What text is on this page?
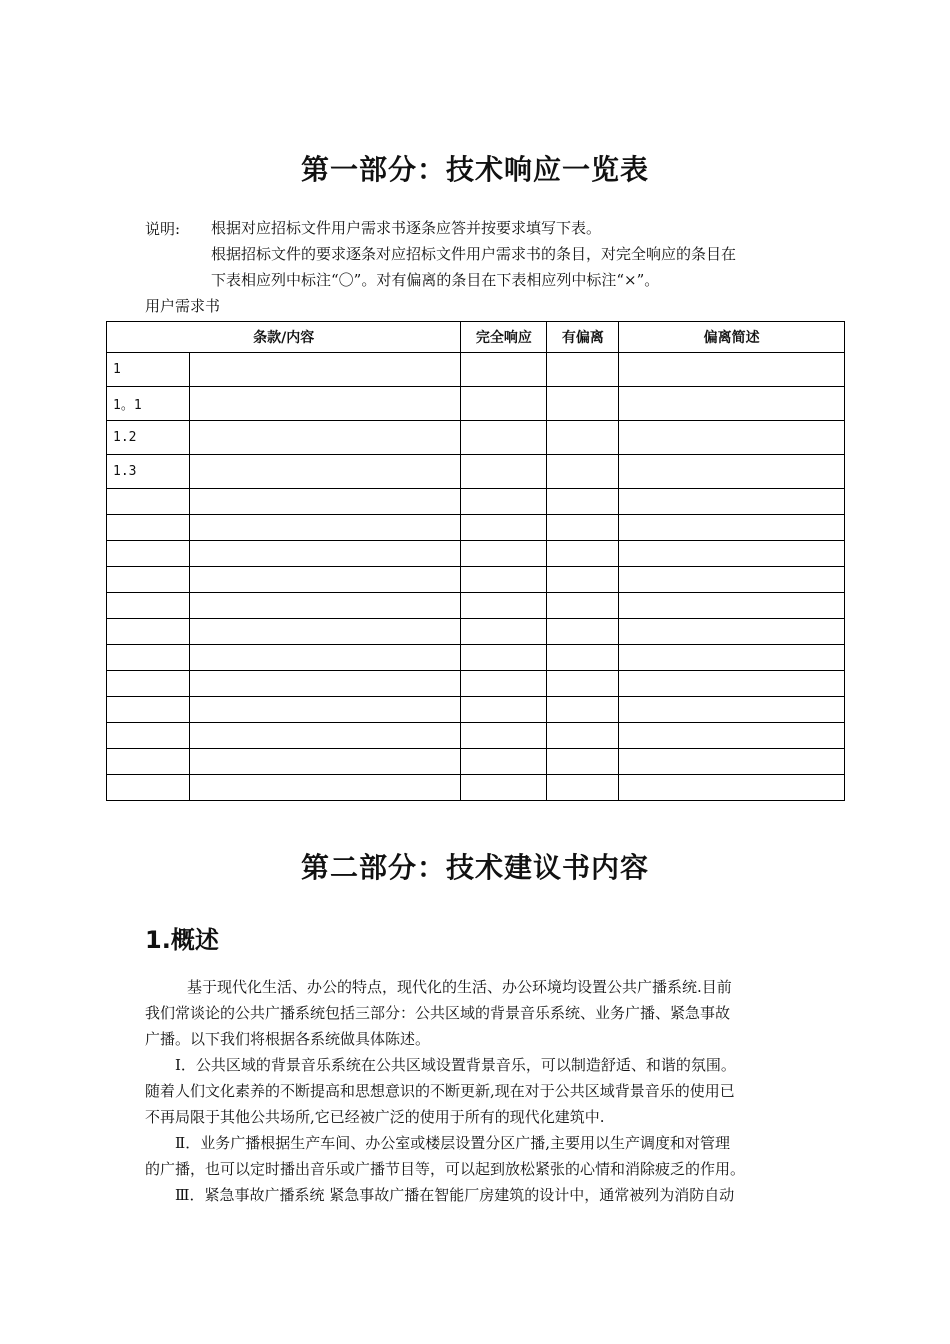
第一部分：技术响应一览表
说明: 根据对应招标文件用户需求书逐条应答并按要求填写下表。
根据招标文件的要求逐条对应招标文件用户需求书的条目，对完全响应的条目在
下表相应列中标注“〇”。对有偏离的条目在下表相应列中标注“×”。
用户需求书
条款/内容		完全响应	有偏离	偏离简述
1				
1。1				
1.2				
1.3				

第二部分：技术建议书内容
1.概述
基于现代化生活、办公的特点，现代化的生活、办公环境均设置公共广播系统.目前
我们常谈论的公共广播系统包括三部分：公共区域的背景音乐系统、业务广播、紧急事故
广播。以下我们将根据各系统做具体陈述。
Ⅰ．公共区域的背景音乐系统在公共区域设置背景音乐，可以制造舒适、和谐的氛围。
随着人们文化素养的不断提高和思想意识的不断更新,现在对于公共区域背景音乐的使用已
不再局限于其他公共场所,它已经被广泛的使用于所有的现代化建筑中.
Ⅱ．业务广播根据生产车间、办公室或楼层设置分区广播,主要用以生产调度和对管理
的广播，也可以定时播出音乐或广播节目等，可以起到放松紧张的心情和消除疲乏的作用。
Ⅲ．紧急事故广播系统 紧急事故广播在智能厂房建筑的设计中，通常被列为消防自动
